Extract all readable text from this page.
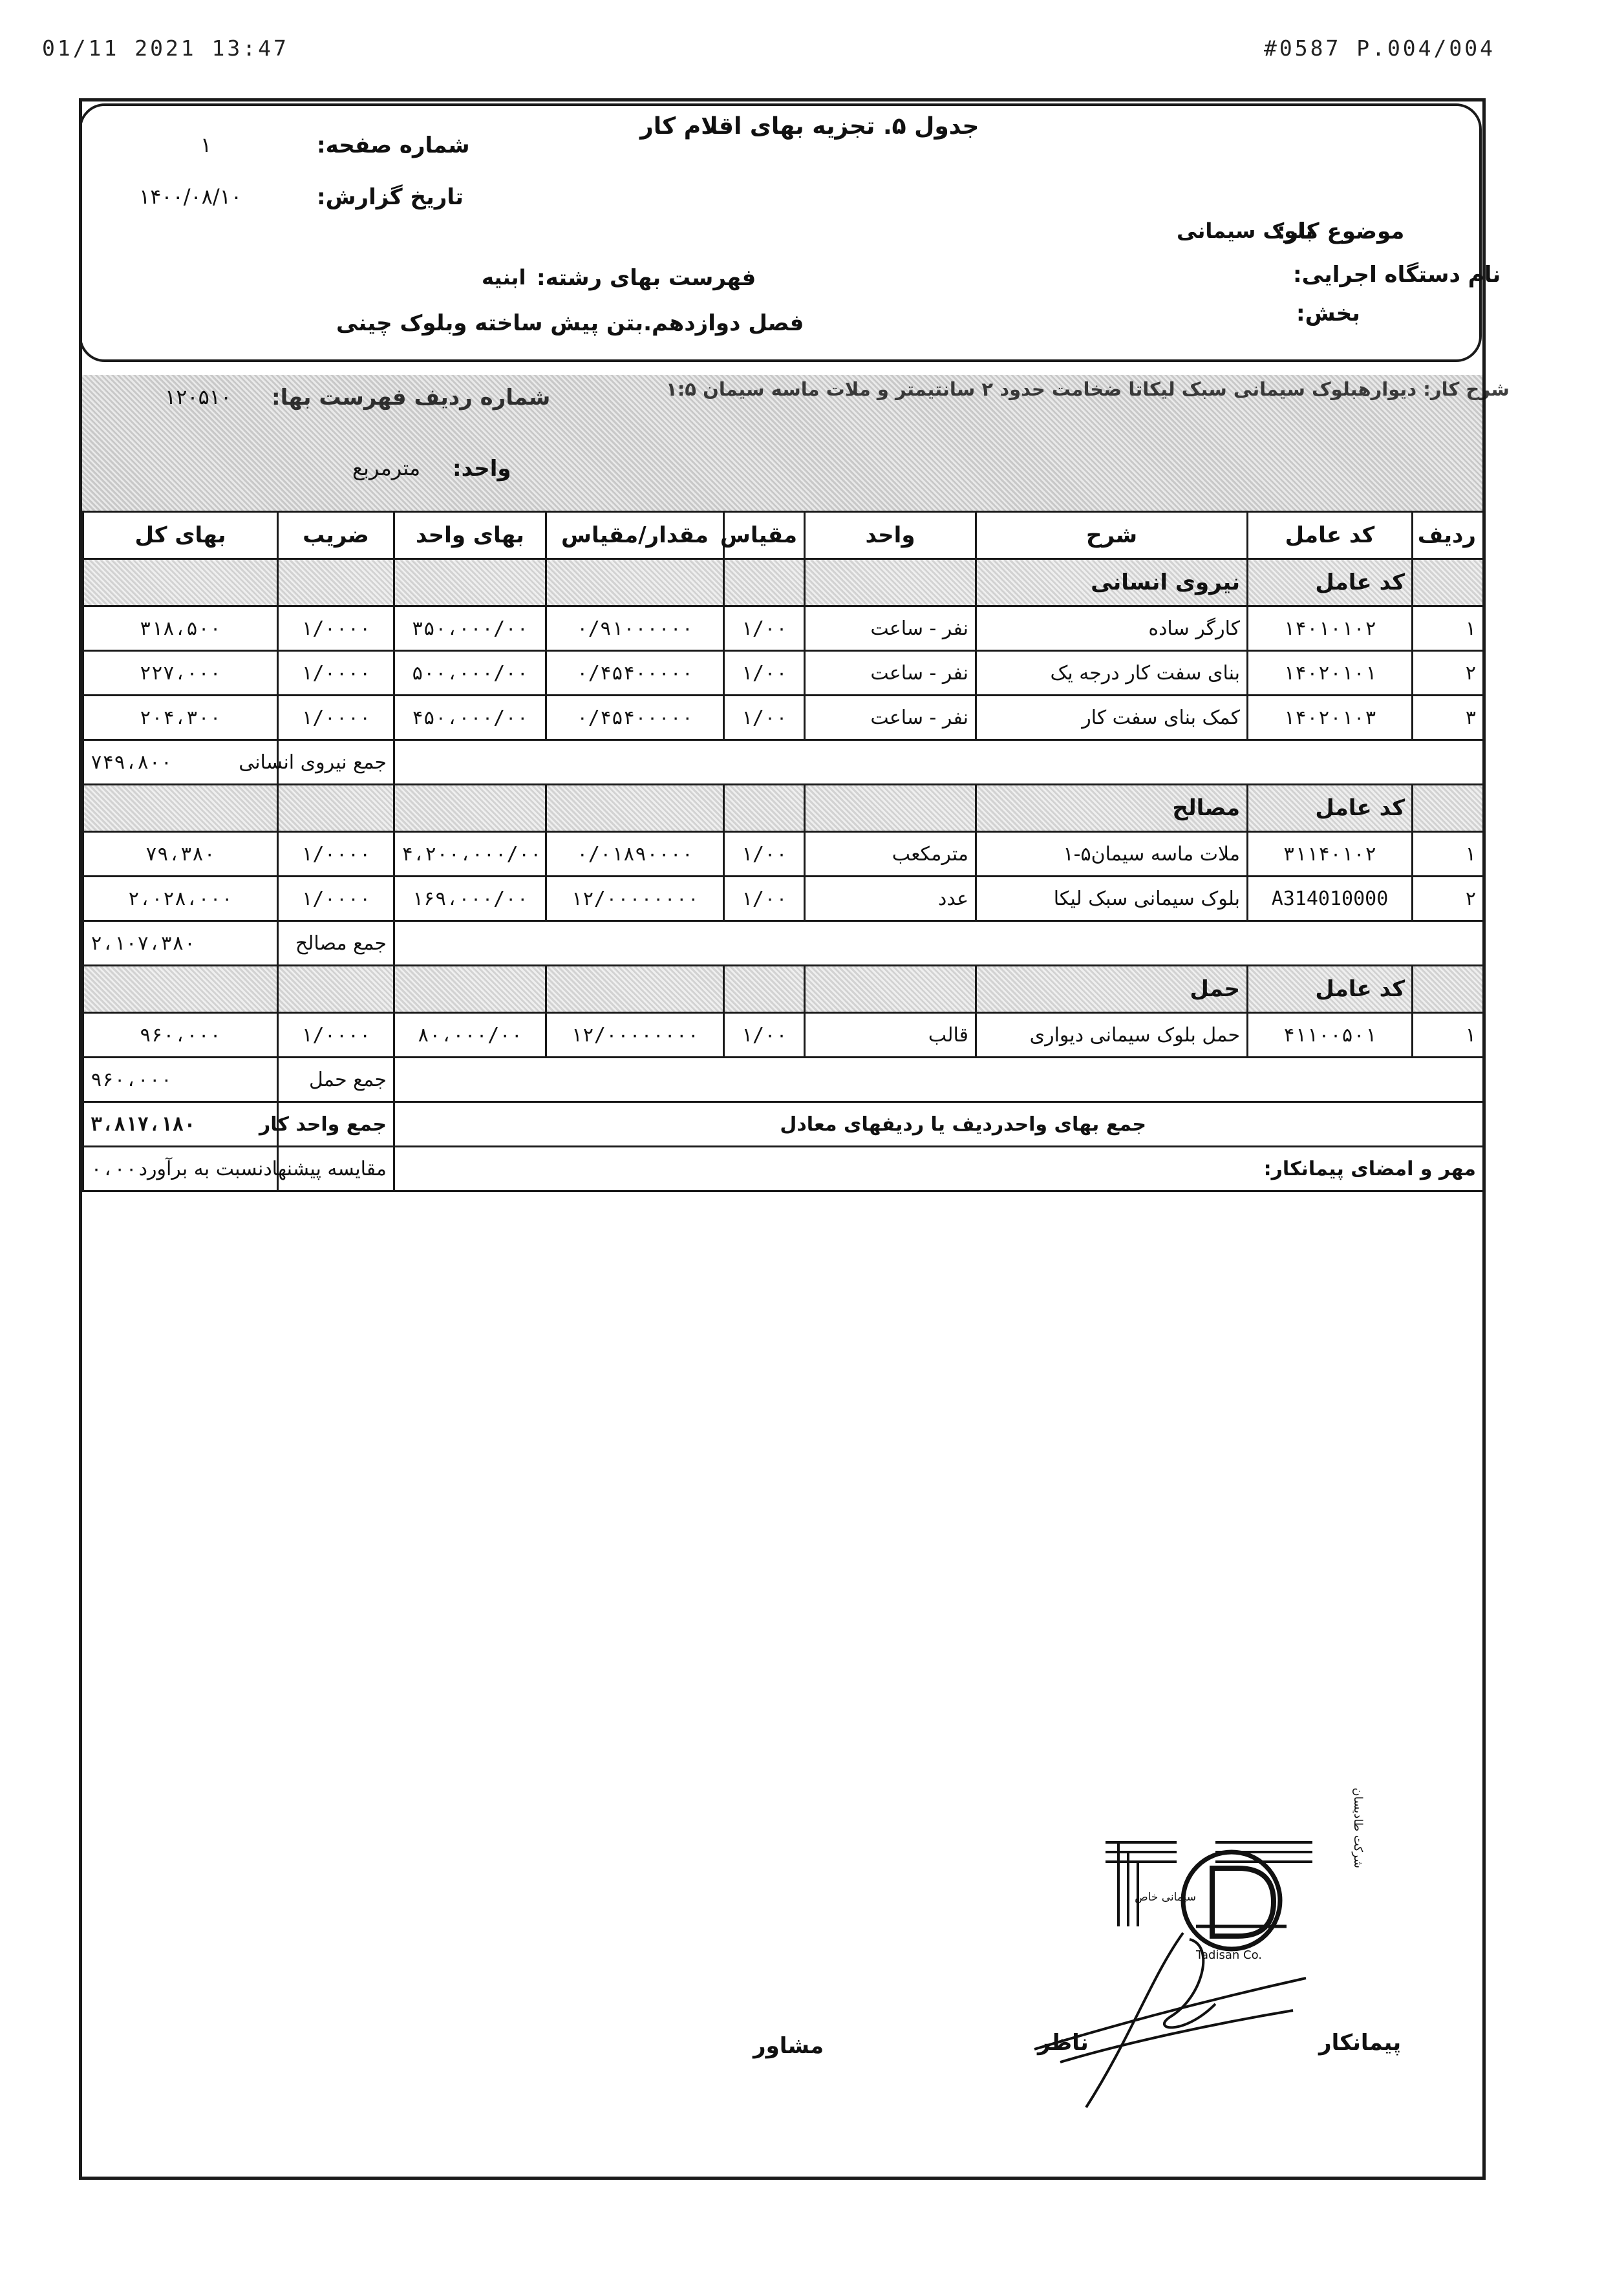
01/11 2021 13:47	#0587 P.004/004
جدول ۵. تجزیه بهای اقلام کار
شماره صفحه:
۱
تاریخ گزارش:
۱۴۰۰/۰۸/۱۰
موضوع کار:
بلوک سیمانی
نام دستگاه اجرایی:
بخش:
فهرست بهای رشته:
ابنیه
فصل دوازدهم.بتن پیش ساخته وبلوک چینی
شرح کار: دیوارهبلوک سیمانی سبک لیکاتا ضخامت حدود ۲ سانتیمتر و ملات ماسه سیمان ۱:۵
شماره ردیف فهرست بها:
۱۲۰۵۱۰
واحد:
مترمربع
ردیف	کد عامل	شرح	واحد	مقیاس	مقدار/مقیاس	بهای واحد	ضریب	بهای کل
	کد عامل	نیروی انسانی						
۱	۱۴۰۱۰۱۰۲	کارگر ساده	نفر - ساعت	۱/۰۰	۰/۹۱۰۰۰۰۰۰	۳۵۰،۰۰۰/۰۰	۱/۰۰۰۰	۳۱۸،۵۰۰
۲	۱۴۰۲۰۱۰۱	بنای سفت کار درجه یک	نفر - ساعت	۱/۰۰	۰/۴۵۴۰۰۰۰۰	۵۰۰،۰۰۰/۰۰	۱/۰۰۰۰	۲۲۷،۰۰۰
۳	۱۴۰۲۰۱۰۳	کمک بنای سفت کار	نفر - ساعت	۱/۰۰	۰/۴۵۴۰۰۰۰۰	۴۵۰،۰۰۰/۰۰	۱/۰۰۰۰	۲۰۴،۳۰۰
							جمع نیروی انسانی	۷۴۹،۸۰۰
	کد عامل	مصالح						
۱	۳۱۱۴۰۱۰۲	ملات ماسه سیمان۵-۱	مترمکعب	۱/۰۰	۰/۰۱۸۹۰۰۰۰	۴،۲۰۰،۰۰۰/۰۰	۱/۰۰۰۰	۷۹،۳۸۰
۲	A314010000	بلوک سیمانی سبک لیکا	عدد	۱/۰۰	۱۲/۰۰۰۰۰۰۰۰	۱۶۹،۰۰۰/۰۰	۱/۰۰۰۰	۲،۰۲۸،۰۰۰
							جمع مصالح	۲،۱۰۷،۳۸۰
	کد عامل	حمل						
۱	۴۱۱۰۰۵۰۱	حمل بلوک سیمانی دیواری	قالب	۱/۰۰	۱۲/۰۰۰۰۰۰۰۰	۸۰،۰۰۰/۰۰	۱/۰۰۰۰	۹۶۰،۰۰۰
							جمع حمل	۹۶۰،۰۰۰
جمع بهای واحدردیف یا ردیفهای معادل							جمع واحد کار	۳،۸۱۷،۱۸۰
مهر و امضای پیمانکار:							مقایسه پیشنهادنسبت به برآورد	۰،۰۰
پیمانکار
ناظر
مشاور
شرکت طادیسان
سیمانی خاص
Tadisan Co.
